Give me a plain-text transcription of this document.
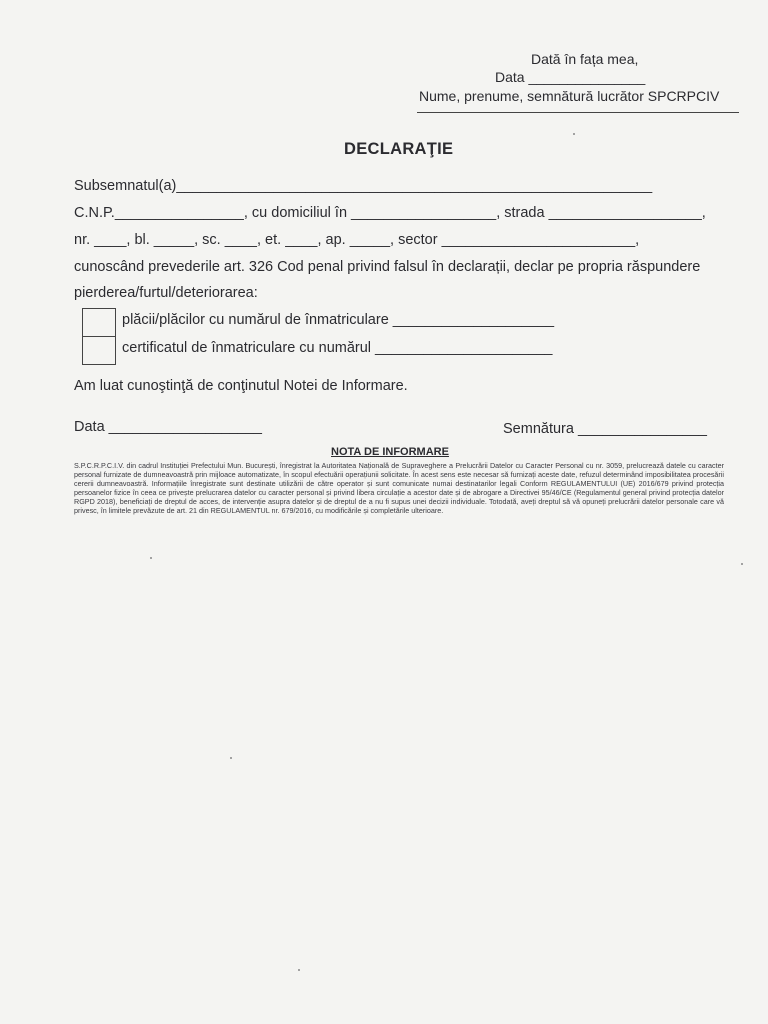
Dată în fața mea,
Data _______________
Nume, prenume, semnătură lucrător SPCRPCIV
DECLARAŢIE
Subsemnatul(a)___________________________________________________________
C.N.P.________________, cu domiciliul în __________________, strada ___________________,
nr. ____, bl. _____, sc. ____, et. ____, ap. _____, sector ________________________,
cunoscând prevederile art. 326 Cod penal privind falsul în declarații, declar pe propria răspundere
pierderea/furtul/deteriorarea:
plăcii/plăcilor cu numărul de înmatriculare ____________________
certificatul de înmatriculare cu numărul ______________________
Am luat cunoştinţă de conţinutul Notei de Informare.
Data ___________________	Semnătura ________________
NOTA DE INFORMARE
S.P.C.R.P.C.I.V. din cadrul Instituției Prefectului Mun. București, înregistrat la Autoritatea Națională de Supraveghere a Prelucrării Datelor cu Caracter Personal cu nr. 3059, prelucrează datele cu caracter personal furnizate de dumneavoastră prin mijloace automatizate, în scopul efectuării operațiunii solicitate. În acest sens este necesar să furnizați aceste date, refuzul determinând imposibilitatea procesării cererii dumneavoastră. Informațiile înregistrate sunt destinate utilizării de către operator și sunt comunicate numai destinatarilor legali Conform REGULAMENTULUI (UE) 2016/679 privind protecția persoanelor fizice în ceea ce privește prelucrarea datelor cu caracter personal și privind libera circulație a acestor date și de abrogare a Directivei 95/46/CE (Regulamentul general privind protecția datelor RGPD 2018), beneficiați de dreptul de acces, de intervenție asupra datelor și de dreptul de a nu fi supus unei decizii individuale. Totodată, aveți dreptul să vă opuneți prelucrării datelor personale care vă privesc, în limitele prevăzute de art. 21 din REGULAMENTUL nr. 679/2016, cu modificările și completările ulterioare.
